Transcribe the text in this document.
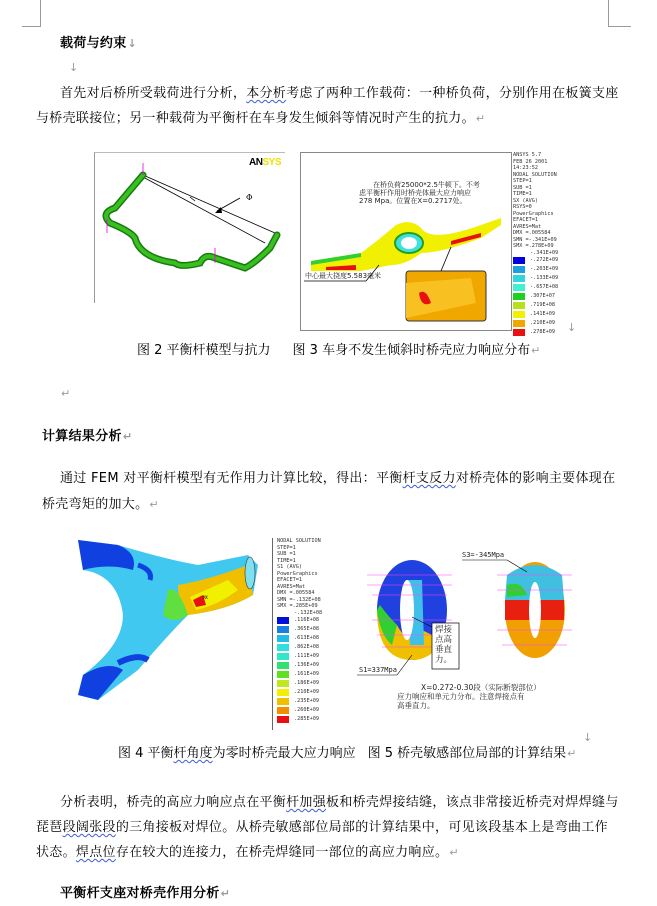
载荷与约束↓
↓
首先对后桥所受载荷进行分析，本分析考虑了两种工作载荷：一种桥负荷，分别作用在板簧支座
与桥壳联接位；另一种载荷为平衡杆在车身发生倾斜等情况时产生的抗力。↵
ANSYS
Φ
在桥负荷25000*2.5牛顿下。不考
虑平衡杆作用时桥壳体最大应力响应
278 Mpa。位置在X=0.2717处。
中心最大挠度5.583毫米
ANSYS 5.7
FEB 26 2001
14:23:52
NODAL SOLUTION
STEP=1
SUB =1
TIME=1
SX (AVG)
RSYS=0
PowerGraphics
EFACET=1
AVRES=Mat
DMX =.005584
SMN =-.341E+09
SMX =.278E+09
-.341E+09
-.272E+09
-.203E+09
-.133E+09
-.657E+08
.307E+07
.719E+08
.141E+09
.210E+09
.278E+09 ↓
图 2 平衡杆模型与抗力 图 3 车身不发生倾斜时桥壳应力响应分布↵
↵
计算结果分析↵
通过 FEM 对平衡杆模型有无作用力计算比较，得出：平衡杆支反力对桥壳体的影响主要体现在
桥壳弯矩的加大。↵
MX
NODAL SOLUTION
STEP=1
SUB =1
TIME=1
S1 (AVG)
PowerGraphics
EFACET=1
AVRES=Mat
DMX =.005584
SMN =-.132E+08
SMX =.285E+09
-.132E+08
.116E+08
.365E+08
.613E+08
.862E+08
.111E+09
.136E+09
.161E+09
.186E+09
.210E+09
.235E+09
.260E+09
.285E+09
S3=-345Mpa
焊接
点高
垂直
力。
S1=337Mpa
X=0.272-0.30段（实际断裂部位）
应力响应和单元力分布。注意焊接点有
高垂直力。
↓
图 4 平衡杆角度为零时桥壳最大应力响应 图 5 桥壳敏感部位局部的计算结果↵
分析表明，桥壳的高应力响应点在平衡杆加强板和桥壳焊接结缝，该点非常接近桥壳对焊焊缝与
琵琶段阔张段的三角接板对焊位。从桥壳敏感部位局部的计算结果中，可见该段基本上是弯曲工作
状态。焊点位存在较大的连接力，在桥壳焊缝同一部位的高应力响应。↵
平衡杆支座对桥壳作用分析↵
